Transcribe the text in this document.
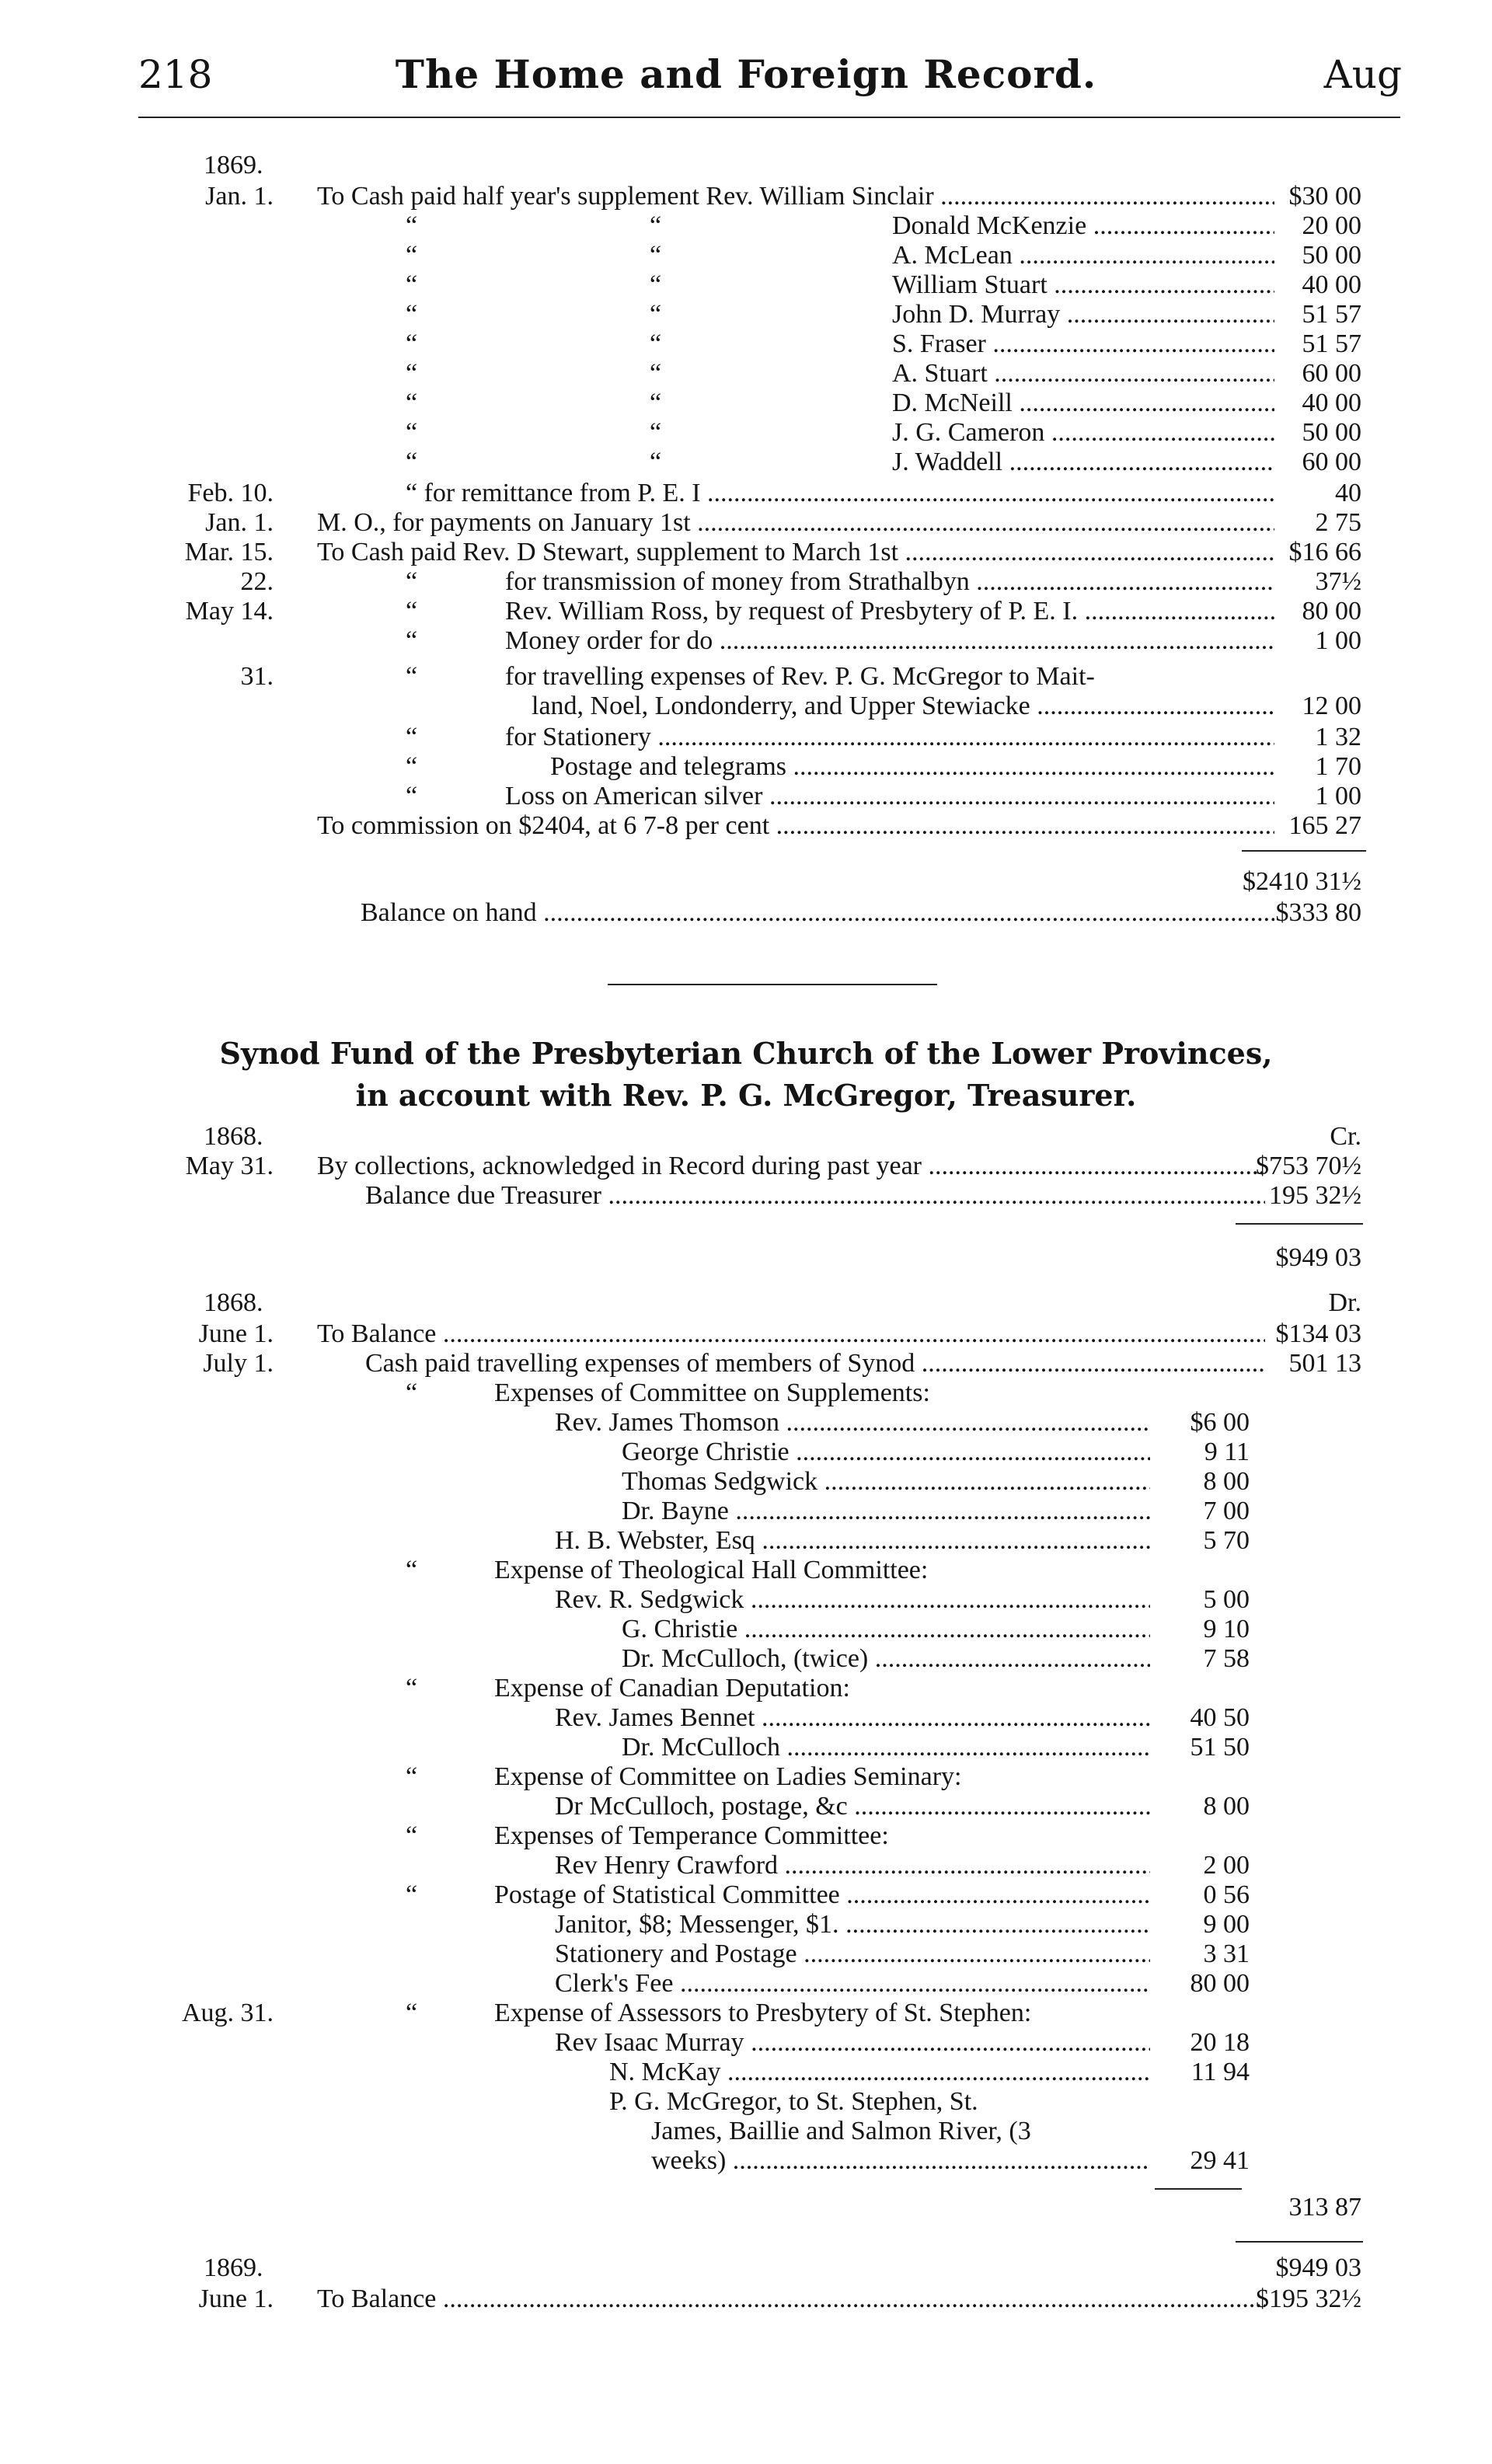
218	The Home and Foreign Record.	Aug
1869.
Jan. 1. To Cash paid half year's supplement Rev. William Sinclair .....	$30 00
“	“	Donald McKenzie .....	20 00
“	“	A. McLean .....	50 00
“	“	William Stuart .....	40 00
“	“	John D. Murray .....	51 57
“	“	S. Fraser .....	51 57
“	“	A. Stuart .....	60 00
“	“	D. McNeill .....	40 00
“	“	J. G. Cameron .....	50 00
“	“	J. Waddell .....	60 00
Feb. 10.	“ for remittance from P. E. I .....	40
Jan. 1. M. O., for payments on January 1st .....	2 75
Mar. 15. To Cash paid Rev. D Stewart, supplement to March 1st .....	$16 66
22.	“	for transmission of money from Strathalbyn .....	37½
May 14.	“	Rev. William Ross, by request of Presbytery of P. E. I. .....	80 00
“	Money order for do .....	1 00
31.	“	for travelling expenses of Rev. P. G. McGregor to Mait-
land, Noel, Londonderry, and Upper Stewiacke .....	12 00
“	for Stationery .....	1 32
“	Postage and telegrams .....	1 70
“	Loss on American silver .....	1 00
To commission on $2404, at 6 7-8 per cent .....	165 27
$2410 31½
Balance on hand .....	$333 80
Synod Fund of the Presbyterian Church of the Lower Provinces,
in account with Rev. P. G. McGregor, Treasurer.
1868.	Cr.
May 31. By collections, acknowledged in Record during past year .....	$753 70½
Balance due Treasurer .....	195 32½
$949 03
1868.	Dr.
June 1. To Balance .....	$134 03
July 1.	Cash paid travelling expenses of members of Synod .....	501 13
“	Expenses of Committee on Supplements:
Rev. James Thomson .....	$6 00
George Christie .....	9 11
Thomas Sedgwick .....	8 00
Dr. Bayne .....	7 00
H. B. Webster, Esq .....	5 70
“	Expense of Theological Hall Committee:
Rev. R. Sedgwick .....	5 00
G. Christie .....	9 10
Dr. McCulloch, (twice) .....	7 58
“	Expense of Canadian Deputation:
Rev. James Bennet .....	40 50
Dr. McCulloch .....	51 50
“	Expense of Committee on Ladies Seminary:
Dr McCulloch, postage, &c .....	8 00
“	Expenses of Temperance Committee:
Rev Henry Crawford .....	2 00
“	Postage of Statistical Committee .....	0 56
Janitor, $8; Messenger, $1. .....	9 00
Stationery and Postage .....	3 31
Clerk's Fee .....	80 00
Aug. 31.	“	Expense of Assessors to Presbytery of St. Stephen:
Rev Isaac Murray .....	20 18
N. McKay .....	11 94
P. G. McGregor, to St. Stephen, St.
James, Baillie and Salmon River, (3
weeks) .....	29 41
313 87
1869.	$949 03
June 1. To Balance .....	$195 32½
